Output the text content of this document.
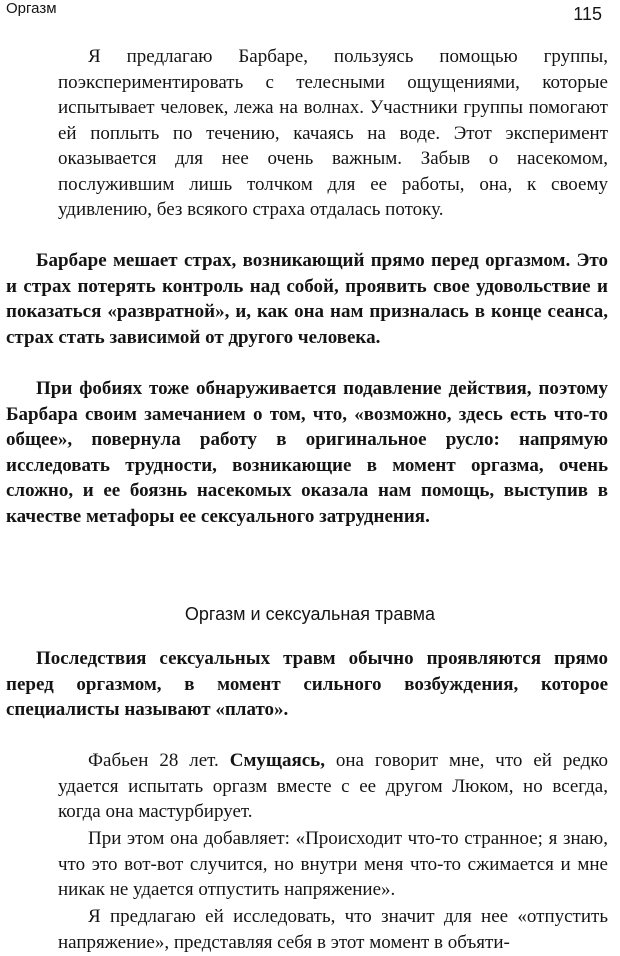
Оргазм	115

Я предлагаю Барбаре, пользуясь помощью группы, поэкспериментировать с телесными ощущениями, которые испытывает человек, лежа на волнах. Участники группы помогают ей поплыть по течению, качаясь на воде. Этот эксперимент оказывается для нее очень важным. Забыв о насекомом, послужившим лишь толчком для ее работы, она, к своему удивлению, без всякого страха отдалась потоку.

Барбаре мешает страх, возникающий прямо перед оргазмом. Это и страх потерять контроль над собой, проявить свое удовольствие и показаться «развратной», и, как она нам призналась в конце сеанса, страх стать зависимой от другого человека.

При фобиях тоже обнаруживается подавление действия, поэтому Барбара своим замечанием о том, что, «возможно, здесь есть что-то общее», повернула работу в оригинальное русло: напрямую исследовать трудности, возникающие в момент оргазма, очень сложно, и ее боязнь насекомых оказала нам помощь, выступив в качестве метафоры ее сексуального затруднения.

Оргазм и сексуальная травма

Последствия сексуальных травм обычно проявляются прямо перед оргазмом, в момент сильного возбуждения, которое специалисты называют «плато».

Фабьен 28 лет. Смущаясь, она говорит мне, что ей редко удается испытать оргазм вместе с ее другом Люком, но всегда, когда она мастурбирует.

При этом она добавляет: «Происходит что-то странное; я знаю, что это вот-вот случится, но внутри меня что-то сжимается и мне никак не удается отпустить напряжение».

Я предлагаю ей исследовать, что значит для нее «отпустить напряжение», представляя себя в этот момент в объяти-
